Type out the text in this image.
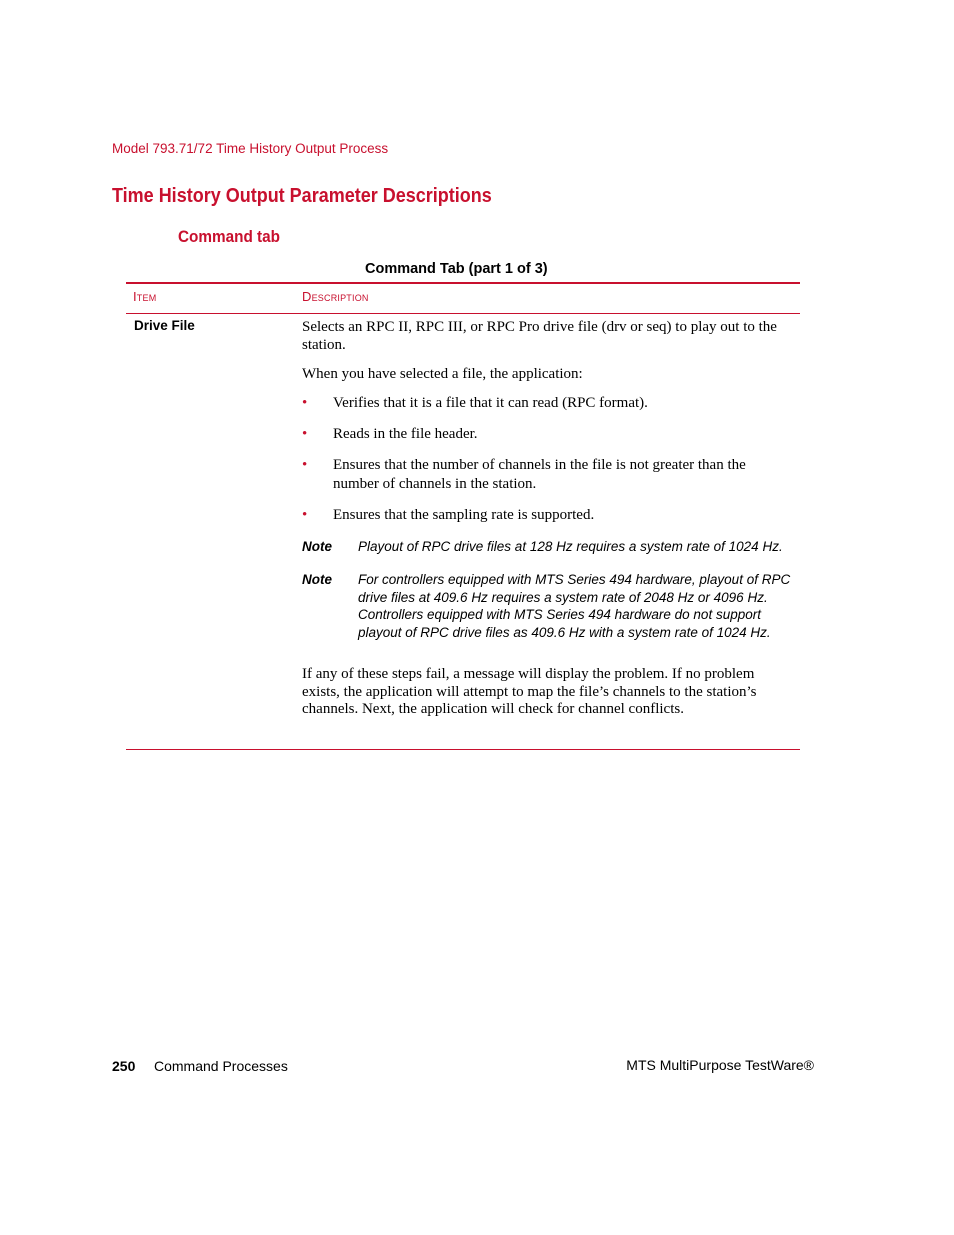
Model 793.71/72 Time History Output Process
Time History Output Parameter Descriptions
Command tab
Command Tab (part 1 of 3)
Item	Description
Drive File	Selects an RPC II, RPC III, or RPC Pro drive file (drv or seq) to play out to the station.

When you have selected a file, the application:

• Verifies that it is a file that it can read (RPC format).
• Reads in the file header.
• Ensures that the number of channels in the file is not greater than the number of channels in the station.
• Ensures that the sampling rate is supported.
Note Playout of RPC drive files at 128 Hz requires a system rate of 1024 Hz.
Note For controllers equipped with MTS Series 494 hardware, playout of RPC drive files at 409.6 Hz requires a system rate of 2048 Hz or 4096 Hz. Controllers equipped with MTS Series 494 hardware do not support playout of RPC drive files as 409.6 Hz with a system rate of 1024 Hz.

If any of these steps fail, a message will display the problem. If no problem exists, the application will attempt to map the file’s channels to the station’s channels. Next, the application will check for channel conflicts.

250 Command Processes	MTS MultiPurpose TestWare®
